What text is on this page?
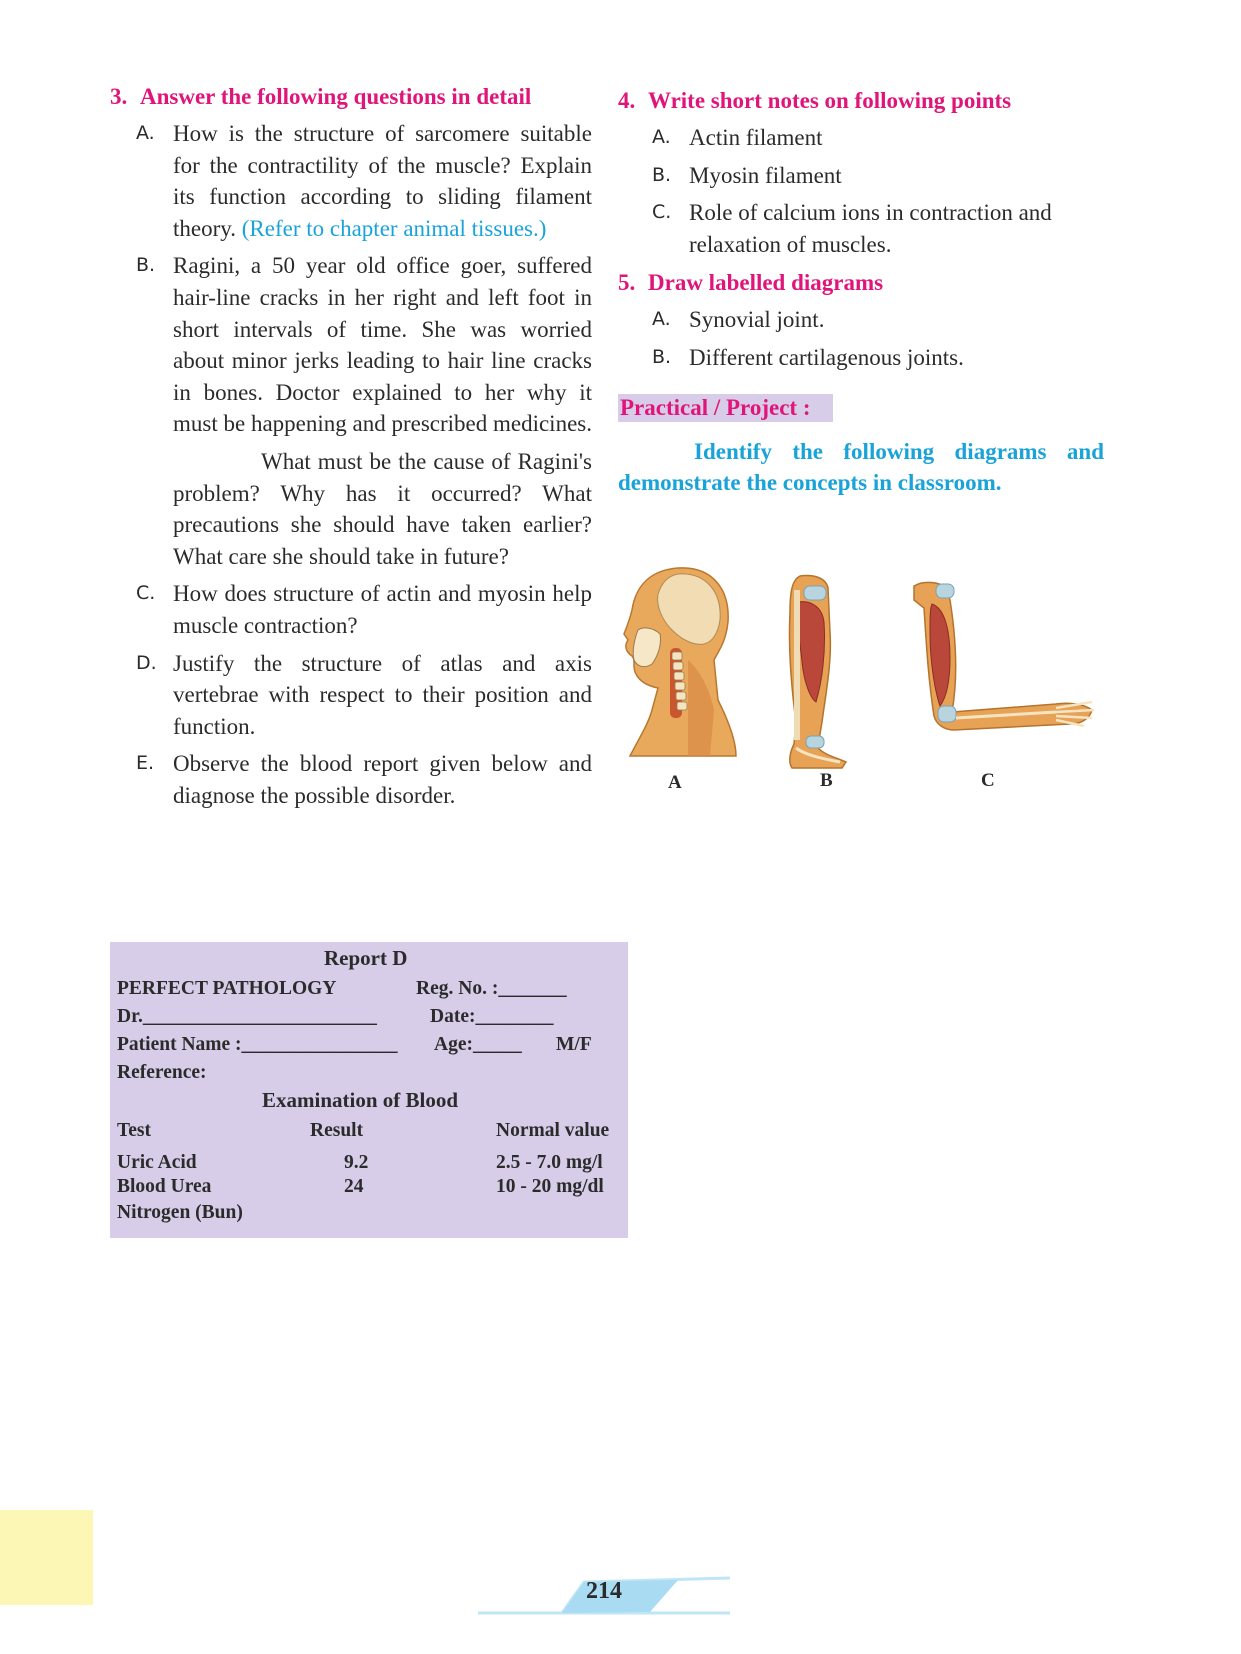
3. Answer the following questions in detail
A. How is the structure of sarcomere suitable for the contractility of the muscle? Explain its function according to sliding filament theory. (Refer to chapter animal tissues.)
B. Ragini, a 50 year old office goer, suffered hair-line cracks in her right and left foot in short intervals of time. She was worried about minor jerks leading to hair line cracks in bones. Doctor explained to her why it must be happening and prescribed medicines.
What must be the cause of Ragini's problem? Why has it occurred? What precautions she should have taken earlier? What care she should take in future?
C. How does structure of actin and myosin help muscle contraction?
D. Justify the structure of atlas and axis vertebrae with respect to their position and function.
E. Observe the blood report given below and diagnose the possible disorder.
4. Write short notes on following points
A. Actin filament
B. Myosin filament
C. Role of calcium ions in contraction and relaxation of muscles.
5. Draw labelled diagrams
A. Synovial joint.
B. Different cartilagenous joints.
Practical / Project :
Identify the following diagrams and demonstrate the concepts in classroom.
A	B	C
Report D
PERFECT PATHOLOGY	Reg. No. :_______
Dr.________________________	Date:________
Patient Name :________________ Age:_____ M/F
Reference:
Examination of Blood
Test	Result	Normal value
Uric Acid	9.2	2.5 - 7.0 mg/l
Blood Urea	24	10 - 20 mg/dl
Nitrogen (Bun)
214
